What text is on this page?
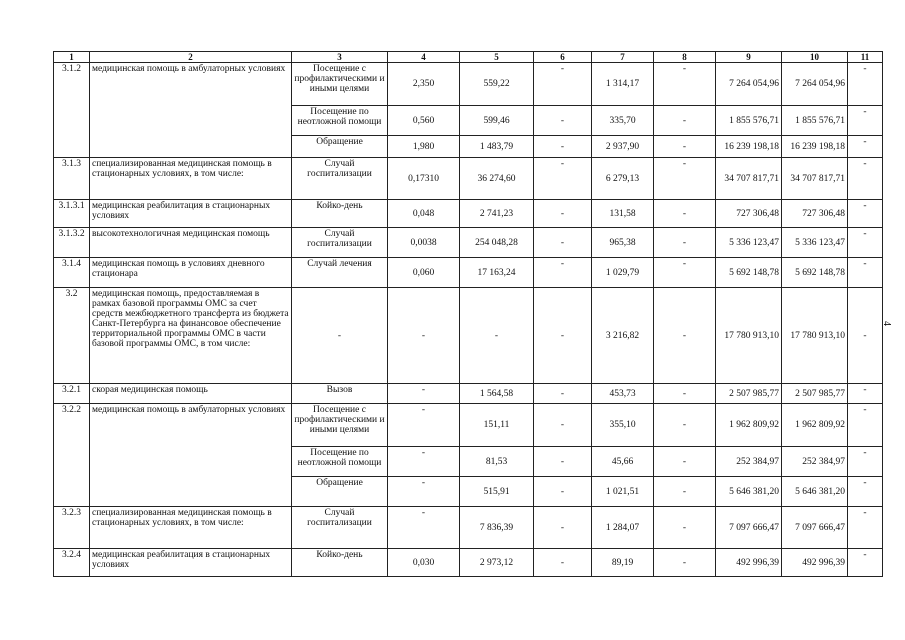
1	2	3	4	5	6	7	8	9	10	11
3.1.2	медицинская помощь в амбулаторных условиях	Посещение с профилактическими и иными целями	2,350	559,22	-	1 314,17	-	7 264 054,96	7 264 054,96	-
		Посещение по неотложной помощи	0,560	599,46	-	335,70	-	1 855 576,71	1 855 576,71	-
		Обращение	1,980	1 483,79	-	2 937,90	-	16 239 198,18	16 239 198,18	-
3.1.3	специализированная медицинская помощь в стационарных условиях, в том числе:	Случай госпитализации	0,17310	36 274,60	-	6 279,13	-	34 707 817,71	34 707 817,71	-
3.1.3.1	медицинская реабилитация в стационарных условиях	Койко-день	0,048	2 741,23	-	131,58	-	727 306,48	727 306,48	-
3.1.3.2	высокотехнологичная медицинская помощь	Случай госпитализации	0,0038	254 048,28	-	965,38	-	5 336 123,47	5 336 123,47	-
3.1.4	медицинская помощь в условиях дневного стационара	Случай лечения	0,060	17 163,24	-	1 029,79	-	5 692 148,78	5 692 148,78	-
3.2	медицинская помощь, предоставляемая в рамках базовой программы ОМС за счет средств межбюджетного трансферта из бюджета Санкт-Петербурга на финансовое обеспечение территориальной программы ОМС в части базовой программы ОМС, в том числе:	-	-	-	-	3 216,82	-	17 780 913,10	17 780 913,10	-
3.2.1	скорая медицинская помощь	Вызов	-	1 564,58	-	453,73	-	2 507 985,77	2 507 985,77	-
3.2.2	медицинская помощь в амбулаторных условиях	Посещение с профилактическими и иными целями	-	151,11	-	355,10	-	1 962 809,92	1 962 809,92	-
		Посещение по неотложной помощи	-	81,53	-	45,66	-	252 384,97	252 384,97	-
		Обращение	-	515,91	-	1 021,51	-	5 646 381,20	5 646 381,20	-
3.2.3	специализированная медицинская помощь в стационарных условиях, в том числе:	Случай госпитализации	-	7 836,39	-	1 284,07	-	7 097 666,47	7 097 666,47	-
3.2.4	медицинская реабилитация в стационарных условиях	Койко-день	0,030	2 973,12	-	89,19	-	492 996,39	492 996,39	-
4
